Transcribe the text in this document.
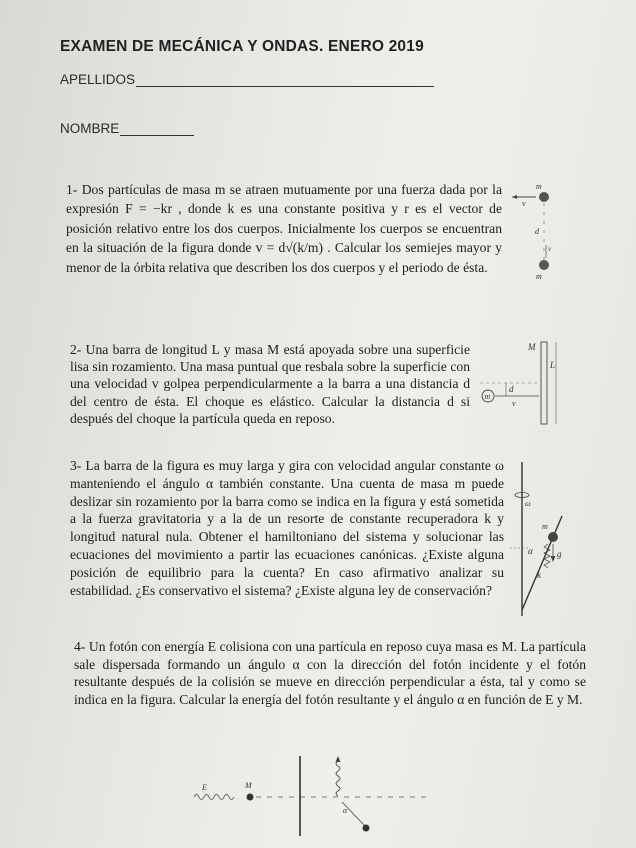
EXAMEN DE MECÁNICA Y ONDAS. ENERO 2019
APELLIDOS
NOMBRE

1- Dos partículas de masa m se atraen mutuamente por una fuerza dada por la expresión F = −kr , donde k es una constante positiva y r es el vector de posición relativo entre los dos cuerpos. Inicialmente los cuerpos se encuentran en la situación de la figura donde v = d√(k/m) . Calcular los semiejes mayor y menor de la órbita relativa que describen los dos cuerpos y el periodo de ésta.

m
v
d
v
m

2- Una barra de longitud L y masa M está apoyada sobre una superficie lisa sin rozamiento. Una masa puntual que resbala sobre la superficie con una velocidad v golpea perpendicularmente a la barra a una distancia d del centro de ésta. El choque es elástico. Calcular la distancia d si después del choque la partícula queda en reposo.

M
L
d
m
v

3- La barra de la figura es muy larga y gira con velocidad angular constante ω manteniendo el ángulo α también constante. Una cuenta de masa m puede deslizar sin rozamiento por la barra como se indica en la figura y está sometida a la fuerza gravitatoria y a la de un resorte de constante recuperadora k y longitud natural nula. Obtener el hamiltoniano del sistema y solucionar las ecuaciones del movimiento a partir las ecuaciones canónicas. ¿Existe alguna posición de equilibrio para la cuenta? En caso afirmativo analizar su estabilidad. ¿Es conservativo el sistema? ¿Existe alguna ley de conservación?

ω
α
m
g
k

4- Un fotón con energía E colisiona con una partícula en reposo cuya masa es M. La partícula sale dispersada formando un ángulo α con la dirección del fotón incidente y el fotón resultante después de la colisión se mueve en dirección perpendicular a ésta, tal y como se indica en la figura. Calcular la energía del fotón resultante y el ángulo α en función de E y M.

E	M
α
